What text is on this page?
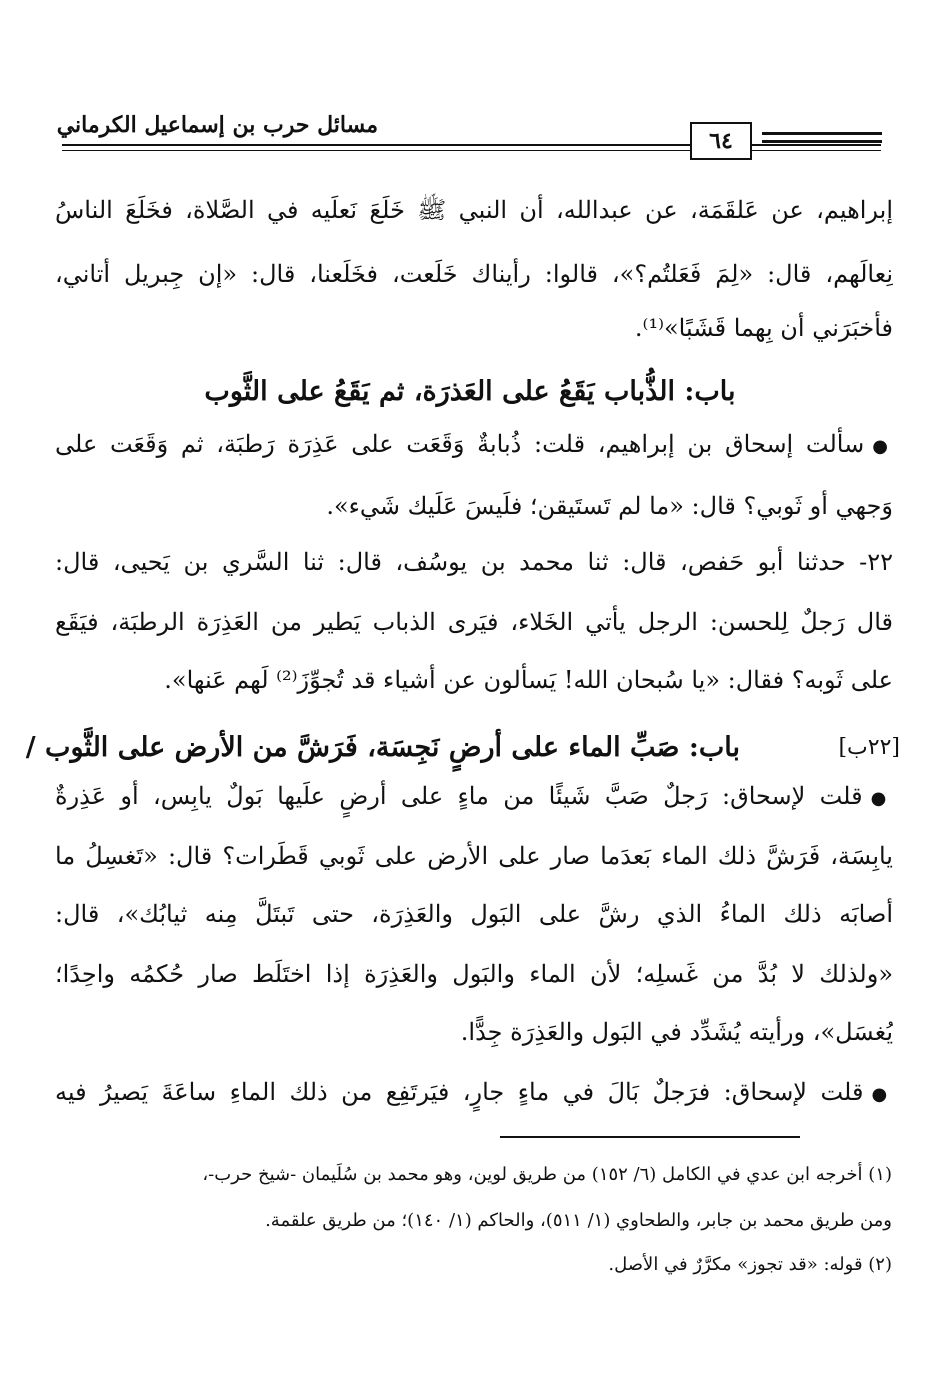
٦٤
مسائل حرب بن إسماعيل الكرماني
إبراهيم، عن عَلقَمَة، عن عبدالله، أن النبي ﷺ خَلَعَ نَعلَيه في الصَّلاة، فخَلَعَ الناسُ
نِعالَهم، قال: «لِمَ فَعَلتُم؟»، قالوا: رأيناك خَلَعت، فخَلَعنا، قال: «إن جِبريل أتاني،
فأخبَرَني أن بِهما قَشَبًا»⁽¹⁾.
باب: الذُّباب يَقَعُ على العَذرَة، ثم يَقَعُ على الثَّوب
●سألت إسحاق بن إبراهيم، قلت: ذُبابةٌ وَقَعَت على عَذِرَة رَطبَة، ثم وَقَعَت على
وَجهي أو ثَوبي؟ قال: «ما لم تَستَيقن؛ فلَيسَ عَلَيك شَيء».
٢٢- حدثنا أبو حَفص، قال: ثنا محمد بن يوسُف، قال: ثنا السَّري بن يَحيى، قال:
قال رَجلٌ لِلحسن: الرجل يأتي الخَلاء، فيَرى الذباب يَطير من العَذِرَة الرطبَة، فيَقَع
على ثَوبه؟ فقال: «يا سُبحان الله! يَسألون عن أشياء قد تُجوِّزَ⁽²⁾ لَهم عَنها».
[٢٢ب]
باب: صَبِّ الماء على أرضٍ نَجِسَة، فَرَشَّ من الأرض على الثَّوب /
●قلت لإسحاق: رَجلٌ صَبَّ شَيئًا من ماءٍ على أرضٍ علَيها بَولٌ يابِس، أو عَذِرةٌ
يابِسَة، فَرَشَّ ذلك الماء بَعدَما صار على الأرض على ثَوبي قَطَرات؟ قال: «تَغسِلُ ما
أصابَه ذلك الماءُ الذي رشَّ على البَول والعَذِرَة، حتى تَبتَلَّ مِنه ثيابُك»، قال:
«ولذلك لا بُدَّ من غَسلِه؛ لأن الماء والبَول والعَذِرَة إذا اختَلَط صار حُكمُه واحِدًا؛
يُغسَل»، ورأيته يُشَدِّد في البَول والعَذِرَة جِدًّا.
●قلت لإسحاق: فرَجلٌ بَالَ في ماءٍ جارٍ، فيَرتَفِع من ذلك الماءِ ساعَةَ يَصيرُ فيه
(١) أخرجه ابن عدي في الكامل (٦/ ١٥٢) من طريق لوين، وهو محمد بن سُلَيمان -شيخ حرب-،
ومن طريق محمد بن جابر، والطحاوي (١/ ٥١١)، والحاكم (١/ ١٤٠)؛ من طريق علقمة.
(٢) قوله: «قد تجوز» مكرَّرٌ في الأصل.
